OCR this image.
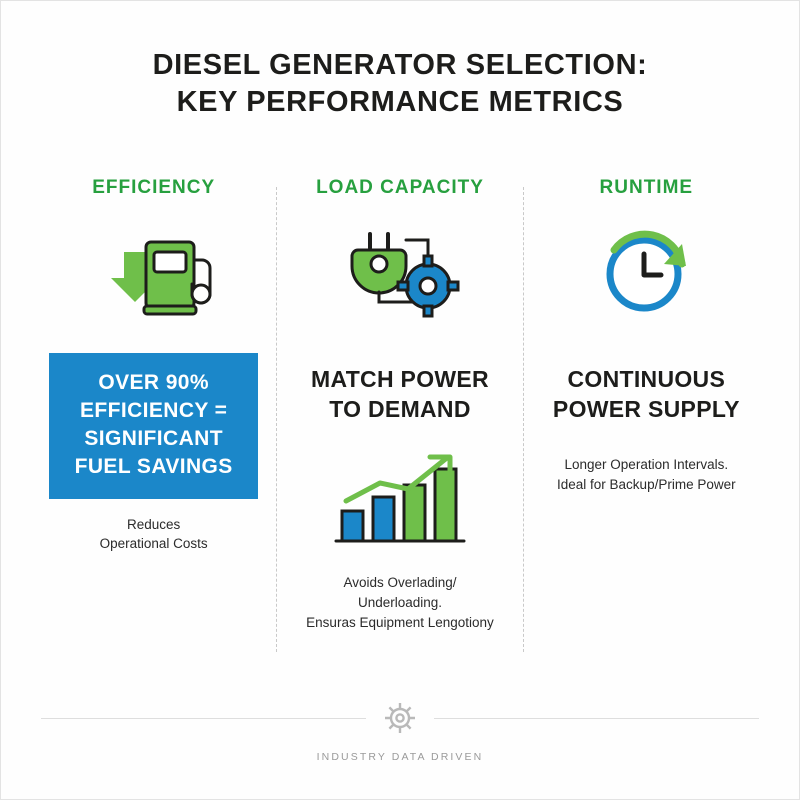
DIESEL GENERATOR SELECTION:
KEY PERFORMANCE METRICS
EFFICIENCY
OVER 90% EFFICIENCY = SIGNIFICANT FUEL SAVINGS
Reduces
Operational Costs
LOAD CAPACITY
MATCH POWER
TO DEMAND
Avoids Overlading/
Underloading.
Ensuras Equipment Lengotiony
RUNTIME
CONTINUOUS
POWER SUPPLY
Longer Operation Intervals.
Ideal for Backup/Prime Power
INDUSTRY DATA DRIVEN
